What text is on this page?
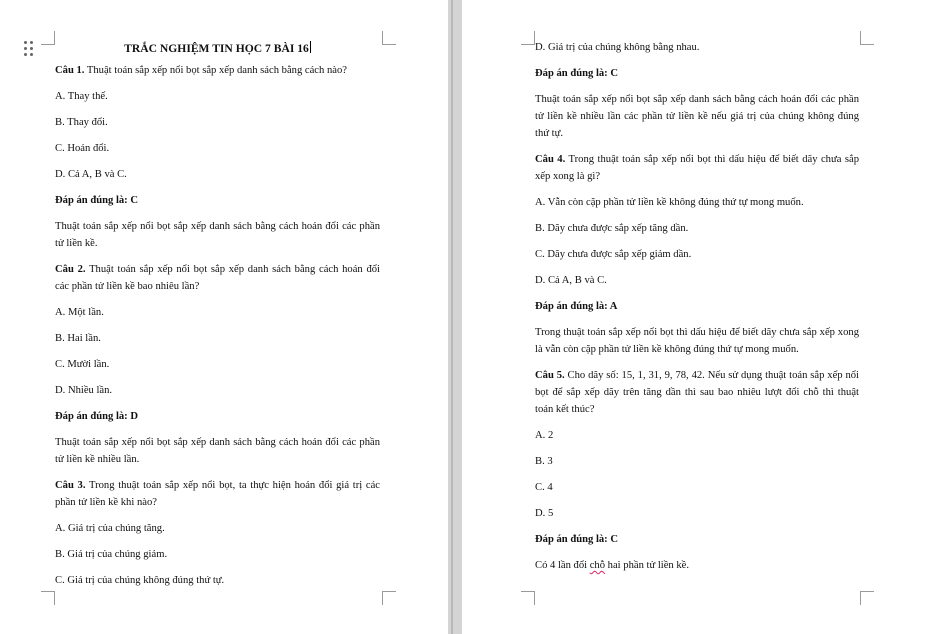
TRẮC NGHIỆM TIN HỌC 7 BÀI 16

Câu 1. Thuật toán sắp xếp nổi bọt sắp xếp danh sách bằng cách nào?

A. Thay thế.

B. Thay đổi.

C. Hoán đổi.

D. Cả A, B và C.

Đáp án đúng là: C

Thuật toán sắp xếp nổi bọt sắp xếp danh sách bằng cách hoán đổi các phần tử liền kề.

Câu 2. Thuật toán sắp xếp nổi bọt sắp xếp danh sách bằng cách hoán đổi các phần tử liền kề bao nhiêu lần?

A. Một lần.

B. Hai lần.

C. Mười lần.

D. Nhiều lần.

Đáp án đúng là: D

Thuật toán sắp xếp nổi bọt sắp xếp danh sách bằng cách hoán đổi các phần tử liền kề nhiều lần.

Câu 3. Trong thuật toán sắp xếp nổi bọt, ta thực hiện hoán đổi giá trị các phần tử liền kề khi nào?

A. Giá trị của chúng tăng.

B. Giá trị của chúng giảm.

C. Giá trị của chúng không đúng thứ tự.

D. Giá trị của chúng không bằng nhau.

Đáp án đúng là: C

Thuật toán sắp xếp nổi bọt sắp xếp danh sách bằng cách hoán đổi các phần tử liền kề nhiều lần các phần tử liền kề nếu giá trị của chúng không đúng thứ tự.

Câu 4. Trong thuật toán sắp xếp nổi bọt thì dấu hiệu để biết dãy chưa sắp xếp xong là gì?

A. Vẫn còn cặp phần tử liền kề không đúng thứ tự mong muốn.

B. Dãy chưa được sắp xếp tăng dần.

C. Dãy chưa được sắp xếp giảm dần.

D. Cả A, B và C.

Đáp án đúng là: A

Trong thuật toán sắp xếp nổi bọt thì dấu hiệu để biết dãy chưa sắp xếp xong là vẫn còn cặp phần tử liền kề không đúng thứ tự mong muốn.

Câu 5. Cho dãy số: 15, 1, 31, 9, 78, 42. Nếu sử dụng thuật toán sắp xếp nổi bọt để sắp xếp dãy trên tăng dần thì sau bao nhiêu lượt đổi chỗ thì thuật toán kết thúc?

A. 2

B. 3

C. 4

D. 5

Đáp án đúng là: C

Có 4 lần đổi chỗ hai phần tử liền kề.
